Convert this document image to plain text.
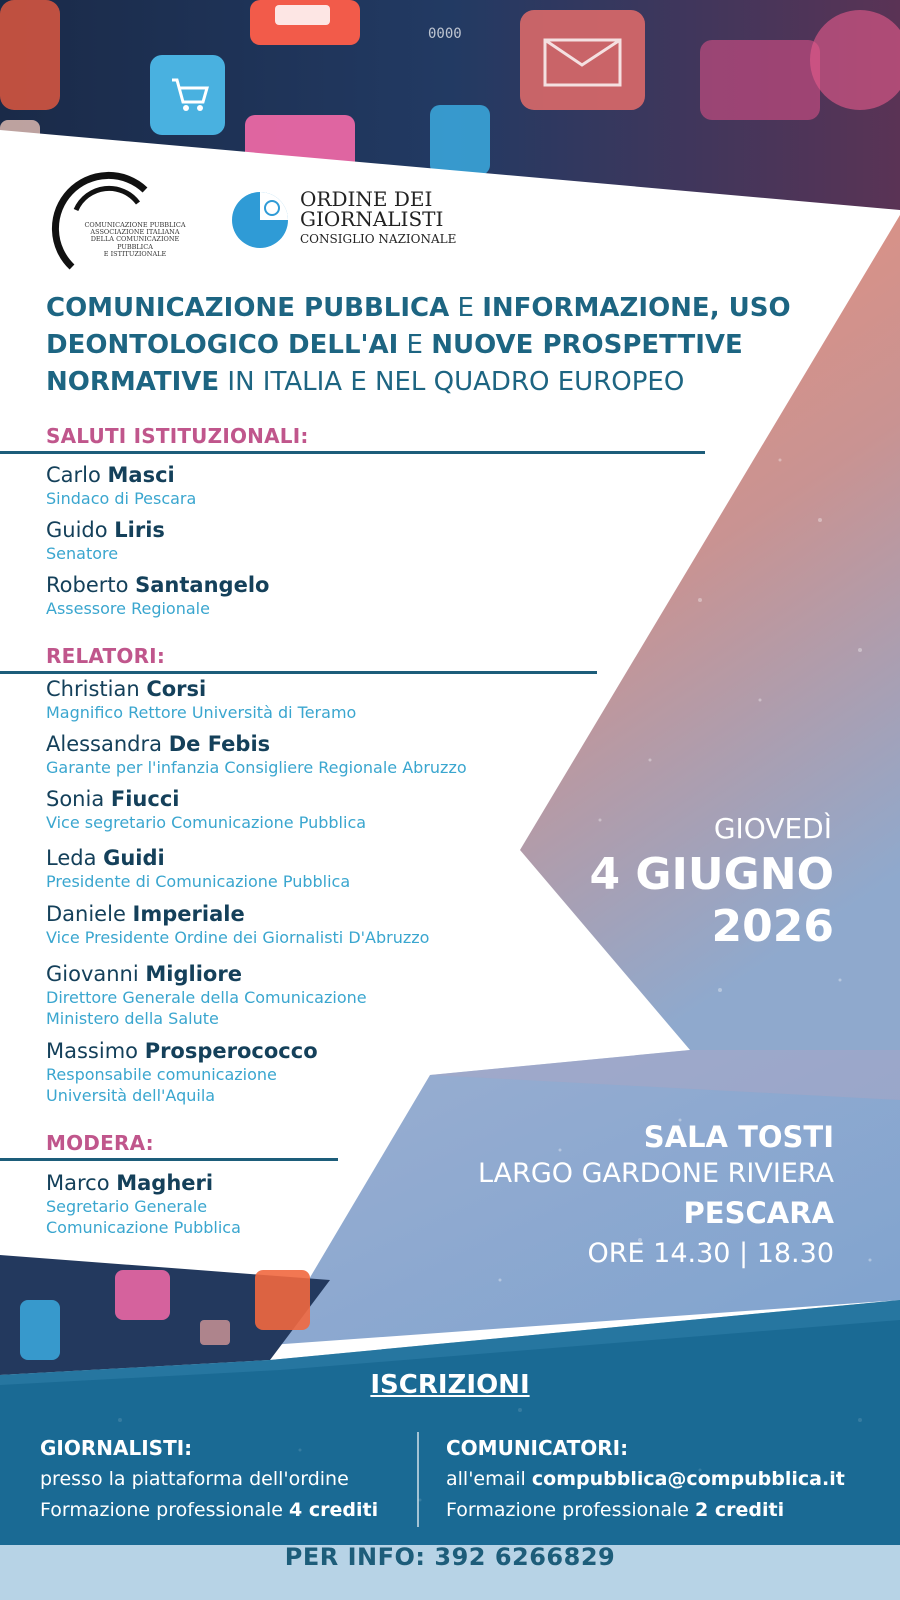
0000
COMUNICAZIONE PUBBLICA
ASSOCIAZIONE ITALIANA
DELLA COMUNICAZIONE PUBBLICA
E ISTITUZIONALE
ORDINE DEI
GIORNALISTI
CONSIGLIO NAZIONALE
COMUNICAZIONE PUBBLICA E INFORMAZIONE, USO
DEONTOLOGICO DELL'AI E NUOVE PROSPETTIVE
NORMATIVE IN ITALIA E NEL QUADRO EUROPEO
SALUTI ISTITUZIONALI:
Carlo Masci
Sindaco di Pescara
Guido Liris
Senatore
Roberto Santangelo
Assessore Regionale
RELATORI:
Christian Corsi
Magnifico Rettore Università di Teramo
Alessandra De Febis
Garante per l'infanzia Consigliere Regionale Abruzzo
Sonia Fiucci
Vice segretario Comunicazione Pubblica
Leda Guidi
Presidente di Comunicazione Pubblica
Daniele Imperiale
Vice Presidente Ordine dei Giornalisti D'Abruzzo
Giovanni Migliore
Direttore Generale della Comunicazione
Ministero della Salute
Massimo Prosperococco
Responsabile comunicazione
Università dell'Aquila
MODERA:
Marco Magheri
Segretario Generale
Comunicazione Pubblica
GIOVEDÌ
4 GIUGNO
2026
SALA TOSTI
LARGO GARDONE RIVIERA
PESCARA
ORE 14.30 | 18.30
ISCRIZIONI
GIORNALISTI:
presso la piattaforma dell'ordine
Formazione professionale 4 crediti
COMUNICATORI:
all'email compubblica@compubblica.it
Formazione professionale 2 crediti
PER INFO: 392 6266829
